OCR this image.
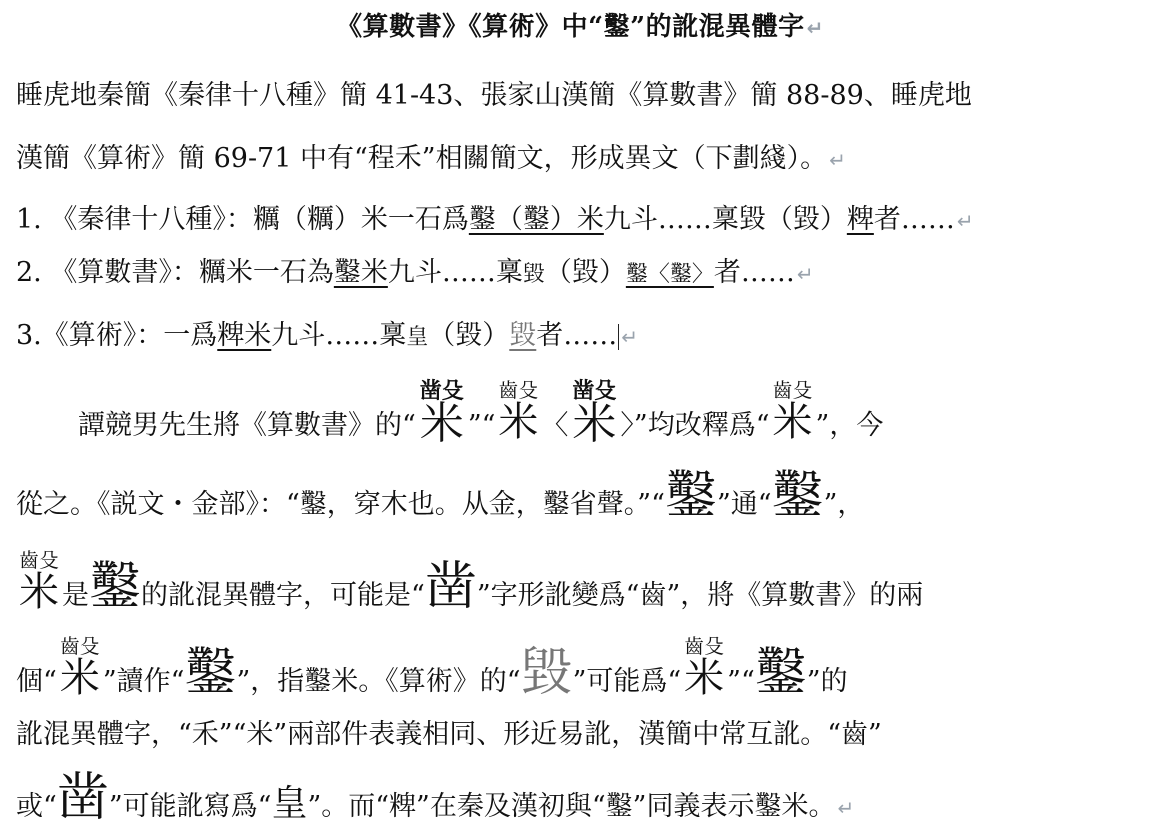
《算數書》《算術》中“鑿”的訛混異體字 ↵
睡虎地秦簡《秦律十八種》簡 41-43、張家山漢簡《算數書》簡 88-89、睡虎地
漢簡《算術》簡 69-71 中有“程禾”相關簡文，形成異文（下劃綫）。 ↵
1. 《秦律十八種》：糲（糲）米一石爲鑿（鑿）米九斗……稟毀（毀）粺者…… ↵
2. 《算數書》：糲米一石為鑿米九斗……稟毀（毀）鑿〈鑿〉者…… ↵
3.《算術》：一爲粺米九斗……稟皇（毀）毀者…… ↵
譚競男先生將《算數書》的“
凿殳
米 ”“
齒殳
米 〈
凿殳
米 〉”均改釋爲“
齒殳
米 ”，今
從之。《説文・金部》：“鑿，穿木也。从金，鑿省聲。”“鑿”通“鑿”，
齒殳
米 是鑿的訛混異體字，可能是“凿”字形訛變爲“齒”，將《算數書》的兩
個“
齒殳
米 ”讀作“鑿”，指鑿米。《算術》的“毀”可能爲“
齒殳
米 ”“鑿”的
訛混異體字，“禾”“米”兩部件表義相同、形近易訛，漢簡中常互訛。“齒”
或“凿”可能訛寫爲“皇”。而“粺”在秦及漢初與“鑿”同義表示鑿米。 ↵
